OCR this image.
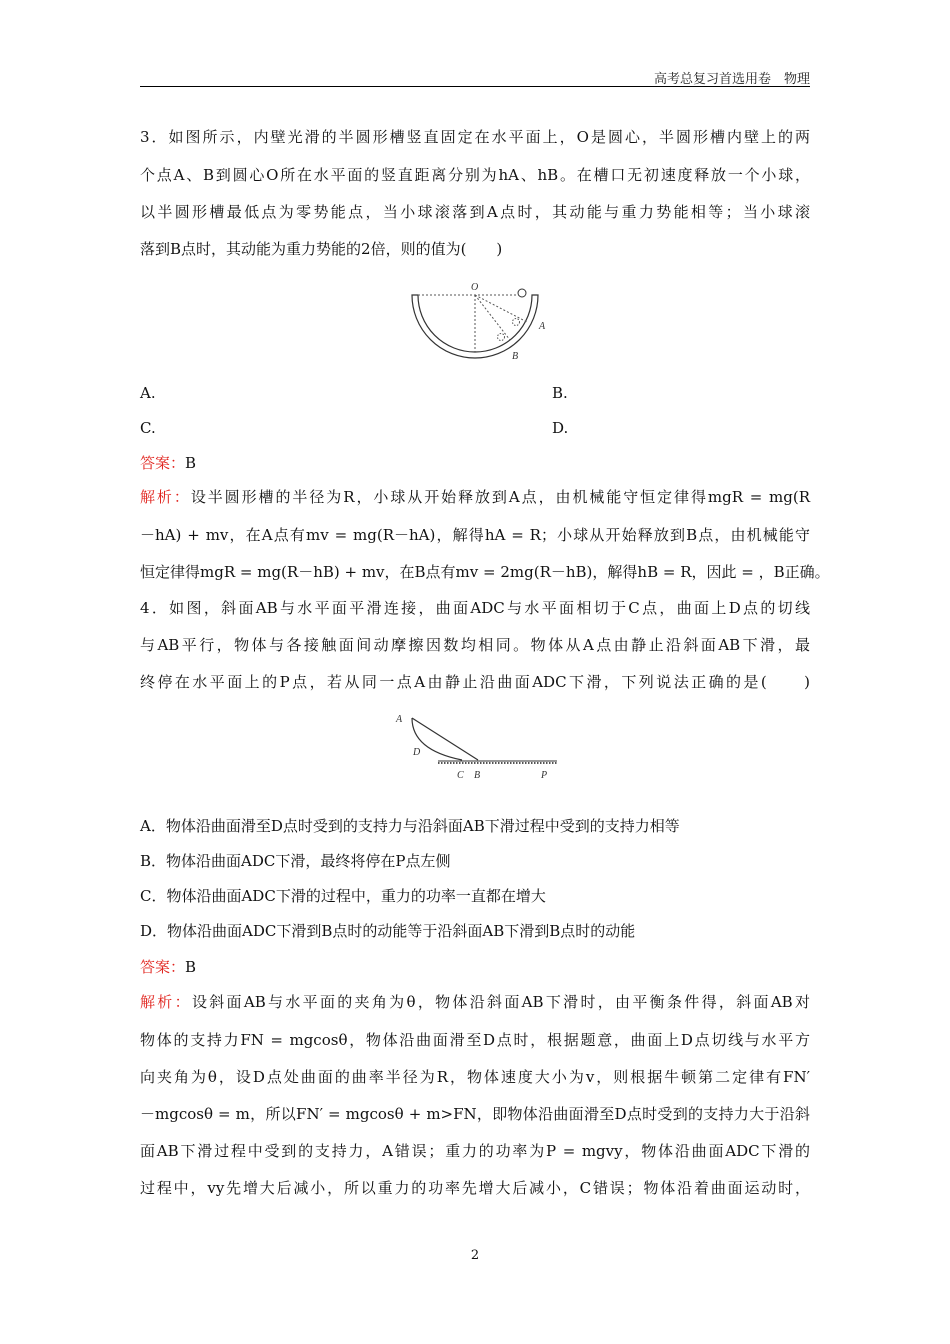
高考总复习首选用卷　物理
3．如图所示，内壁光滑的半圆形槽竖直固定在水平面上，O是圆心，半圆形槽内壁上的两
个点A、B到圆心O所在水平面的竖直距离分别为hA、hB。在槽口无初速度释放一个小球，
以半圆形槽最低点为零势能点，当小球滚落到A点时，其动能与重力势能相等；当小球滚
落到B点时，其动能为重力势能的2倍，则的值为(　　)
O
A
B
A.	B.
C.	D.
答案：B
解析：设半圆形槽的半径为R，小球从开始释放到A点，由机械能守恒定律得mgR = mg(R
－hA) + mv，在A点有mv = mg(R－hA)，解得hA = R；小球从开始释放到B点，由机械能守
恒定律得mgR = mg(R－hB) + mv，在B点有mv = 2mg(R－hB)，解得hB = R，因此 = ，B正确。
4．如图，斜面AB与水平面平滑连接，曲面ADC与水平面相切于C点，曲面上D点的切线
与AB平行，物体与各接触面间动摩擦因数均相同。物体从A点由静止沿斜面AB下滑，最
终停在水平面上的P点，若从同一点A由静止沿曲面ADC下滑，下列说法正确的是(　　)
A
D
C B	P
A．物体沿曲面滑至D点时受到的支持力与沿斜面AB下滑过程中受到的支持力相等
B．物体沿曲面ADC下滑，最终将停在P点左侧
C．物体沿曲面ADC下滑的过程中，重力的功率一直都在增大
D．物体沿曲面ADC下滑到B点时的动能等于沿斜面AB下滑到B点时的动能
答案：B
解析：设斜面AB与水平面的夹角为θ，物体沿斜面AB下滑时，由平衡条件得，斜面AB对
物体的支持力FN = mgcosθ，物体沿曲面滑至D点时，根据题意，曲面上D点切线与水平方
向夹角为θ，设D点处曲面的曲率半径为R，物体速度大小为v，则根据牛顿第二定律有FN′
－mgcosθ = m，所以FN′ = mgcosθ + m>FN，即物体沿曲面滑至D点时受到的支持力大于沿斜
面AB下滑过程中受到的支持力，A错误；重力的功率为P = mgvy，物体沿曲面ADC下滑的
过程中，vy先增大后减小，所以重力的功率先增大后减小，C错误；物体沿着曲面运动时，
2
